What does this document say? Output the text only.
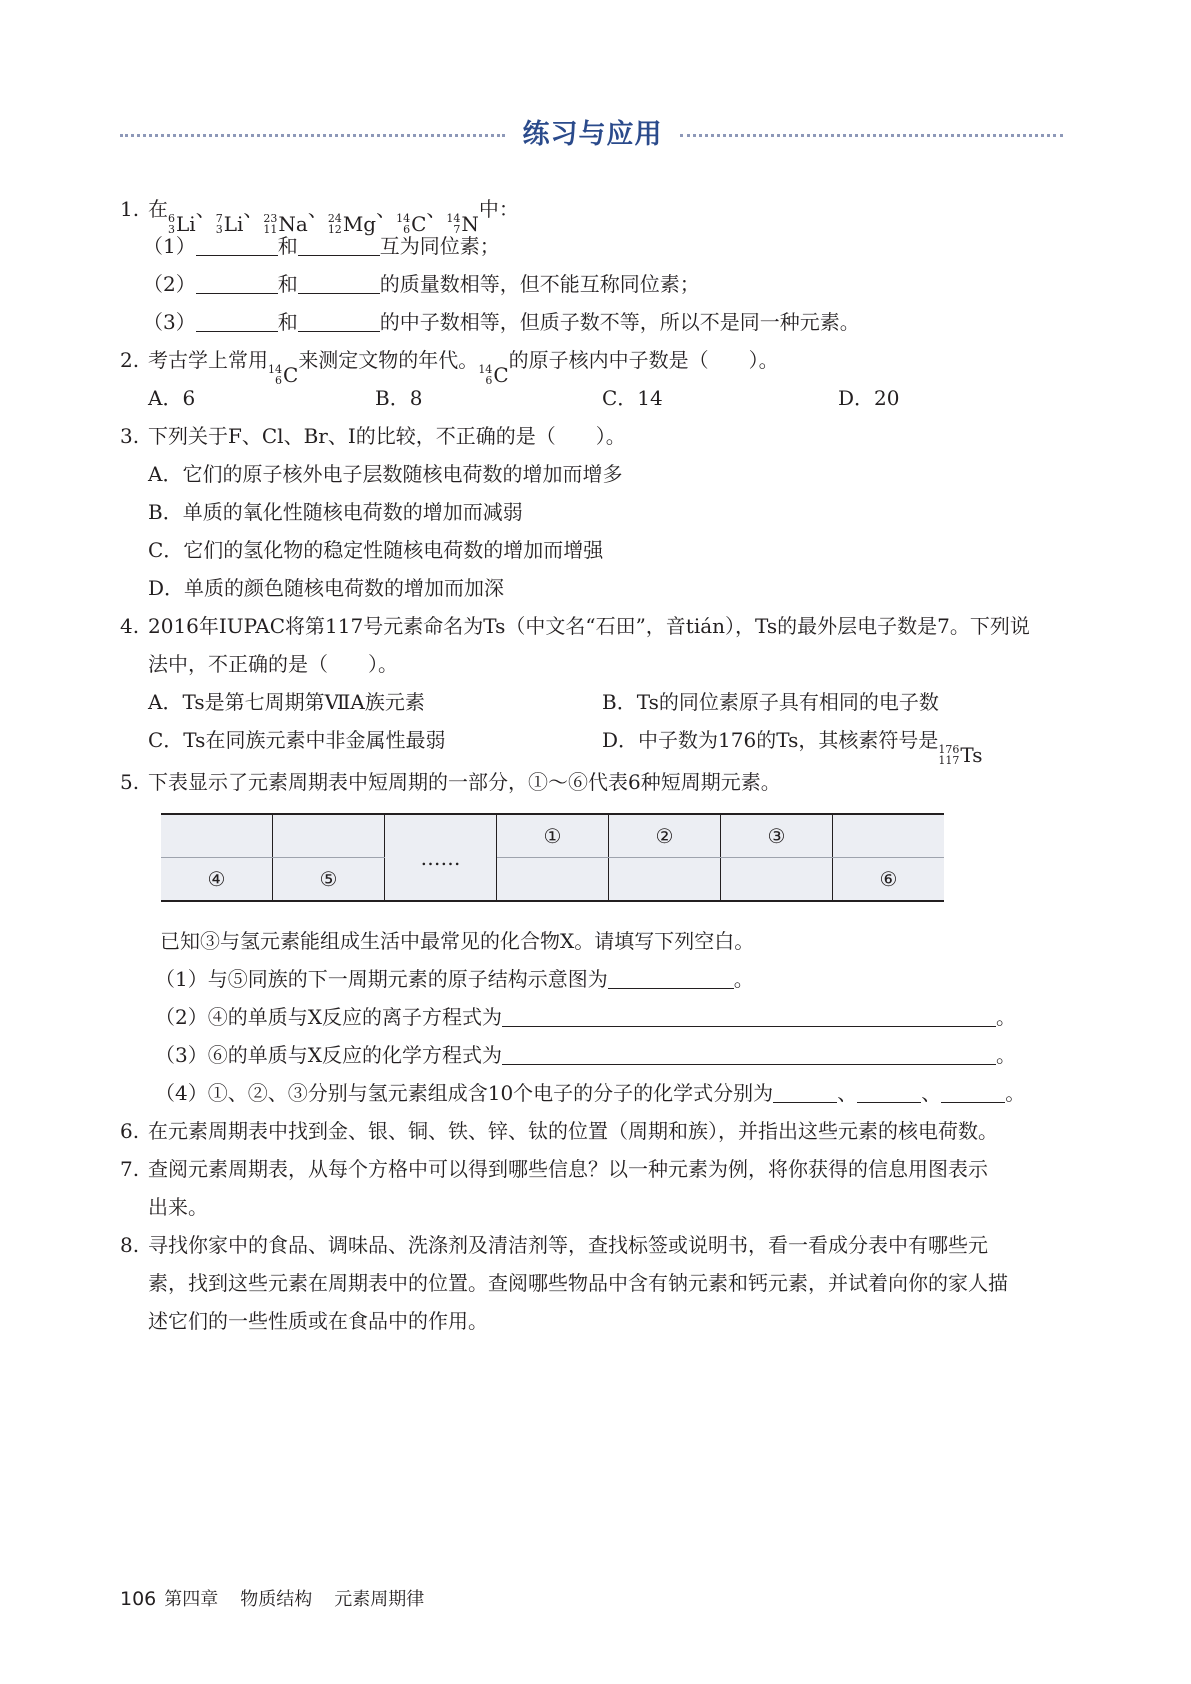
练习与应用
1. 在 6
3 Li
、 7
3 Li
、 23
11 Na
、 24
12 Mg
、 14
6 C
、 14
7 N
中：
（1）	和	互为同位素；
（2）	和	的质量数相等，但不能互称同位素；
（3）	和	的中子数相等，但质子数不等，所以不是同一种元素。
2. 考古学上常用 14
6 C
来测定文物的年代。 14
6 C
的原子核内中子数是（　　）。
A．6	B．8	C．14	D．20
3. 下列关于F、Cl、Br、I的比较，不正确的是（　　）。
A．它们的原子核外电子层数随核电荷数的增加而增多
B．单质的氧化性随核电荷数的增加而减弱
C．它们的氢化物的稳定性随核电荷数的增加而增强
D．单质的颜色随核电荷数的增加而加深
4. 2016年IUPAC将第117号元素命名为Ts（中文名“石田”，音tián），Ts的最外层电子数是7。下列说
法中，不正确的是（　　）。
A．Ts是第七周期第ⅦA族元素	B．Ts的同位素原子具有相同的电子数
C．Ts在同族元素中非金属性最弱	D．中子数为176的Ts，其核素符号是 176
117 Ts
5. 下表显示了元素周期表中短周期的一部分，①～⑥代表6种短周期元素。
		……	①	②	③	
④	⑤					⑥
已知③与氢元素能组成生活中最常见的化合物X。请填写下列空白。
（1）与⑤同族的下一周期元素的原子结构示意图为	。
（2）④的单质与X反应的离子方程式为	。
（3）⑥的单质与X反应的化学方程式为	。
（4）①、②、③分别与氢元素组成含10个电子的分子的化学式分别为	、	、	。
6. 在元素周期表中找到金、银、铜、铁、锌、钛的位置（周期和族），并指出这些元素的核电荷数。
7. 查阅元素周期表，从每个方格中可以得到哪些信息？以一种元素为例，将你获得的信息用图表示
出来。
8. 寻找你家中的食品、调味品、洗涤剂及清洁剂等，查找标签或说明书，看一看成分表中有哪些元
素，找到这些元素在周期表中的位置。查阅哪些物品中含有钠元素和钙元素，并试着向你的家人描
述它们的一些性质或在食品中的作用。
106 第四章 物质结构 元素周期律
